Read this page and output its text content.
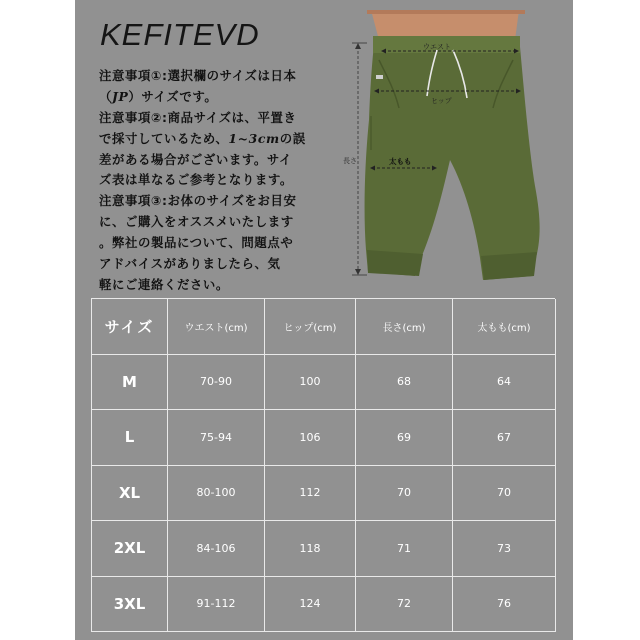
KEFITEVD
注意事項①:選択欄のサイズは日本
（JP）サイズです。
注意事項②:商品サイズは、平置き
で採寸しているため、1~3cmの誤
差がある場合がございます。サイ
ズ表は単なるご参考となります。
注意事項③:お体のサイズをお目安
に、ご購入をオススメいたします
。弊社の製品について、問題点や
アドバイスがありましたら、気
軽にご連絡ください。
ウエスト
ヒップ
長さ	太もも
サイズ	ウエスト(cm)	ヒップ(cm)	長さ(cm)	太もも(cm)
M	70-90	100	68	64
L	75-94	106	69	67
XL	80-100	112	70	70
2XL	84-106	118	71	73
3XL	91-112	124	72	76
